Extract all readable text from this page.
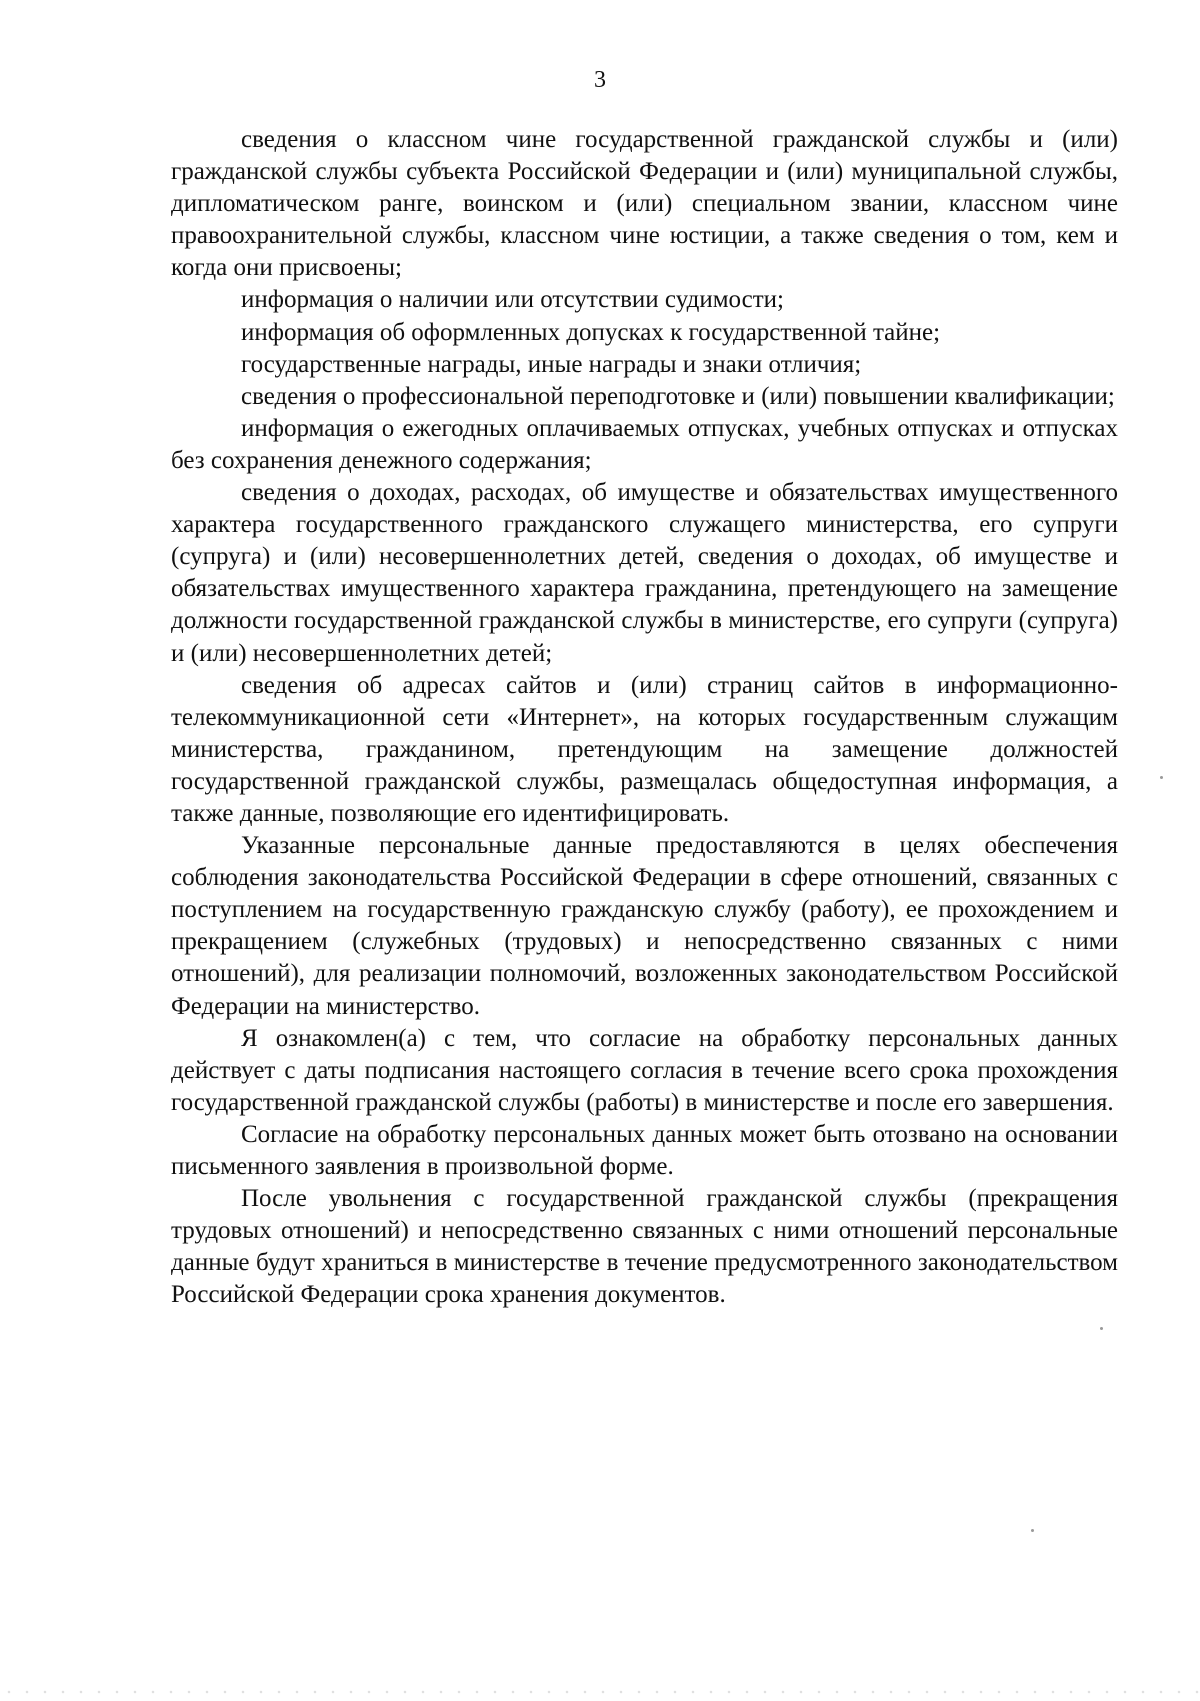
3

сведения о классном чине государственной гражданской службы и (или) гражданской службы субъекта Российской Федерации и (или) муниципальной службы, дипломатическом ранге, воинском и (или) специальном звании, классном чине правоохранительной службы, классном чине юстиции, а также сведения о том, кем и когда они присвоены;

информация о наличии или отсутствии судимости;

информация об оформленных допусках к государственной тайне;

государственные награды, иные награды и знаки отличия;

сведения о профессиональной переподготовке и (или) повышении квалификации;

информация о ежегодных оплачиваемых отпусках, учебных отпусках и отпусках без сохранения денежного содержания;

сведения о доходах, расходах, об имуществе и обязательствах имущественного характера государственного гражданского служащего министерства, его супруги (супруга) и (или) несовершеннолетних детей, сведения о доходах, об имуществе и обязательствах имущественного характера гражданина, претендующего на замещение должности государственной гражданской службы в министерстве, его супруги (супруга) и (или) несовершеннолетних детей;

сведения об адресах сайтов и (или) страниц сайтов в информационно-телекоммуникационной сети «Интернет», на которых государственным служащим министерства, гражданином, претендующим на замещение должностей государственной гражданской службы, размещалась общедоступная информация, а также данные, позволяющие его идентифицировать.

Указанные персональные данные предоставляются в целях обеспечения соблюдения законодательства Российской Федерации в сфере отношений, связанных с поступлением на государственную гражданскую службу (работу), ее прохождением и прекращением (служебных (трудовых) и непосредственно связанных с ними отношений), для реализации полномочий, возложенных законодательством Российской Федерации на министерство.

Я ознакомлен(а) с тем, что согласие на обработку персональных данных действует с даты подписания настоящего согласия в течение всего срока прохождения государственной гражданской службы (работы) в министерстве и после его завершения.

Согласие на обработку персональных данных может быть отозвано на основании письменного заявления в произвольной форме.

После увольнения с государственной гражданской службы (прекращения трудовых отношений) и непосредственно связанных с ними отношений персональные данные будут храниться в министерстве в течение предусмотренного законодательством Российской Федерации срока хранения документов.
